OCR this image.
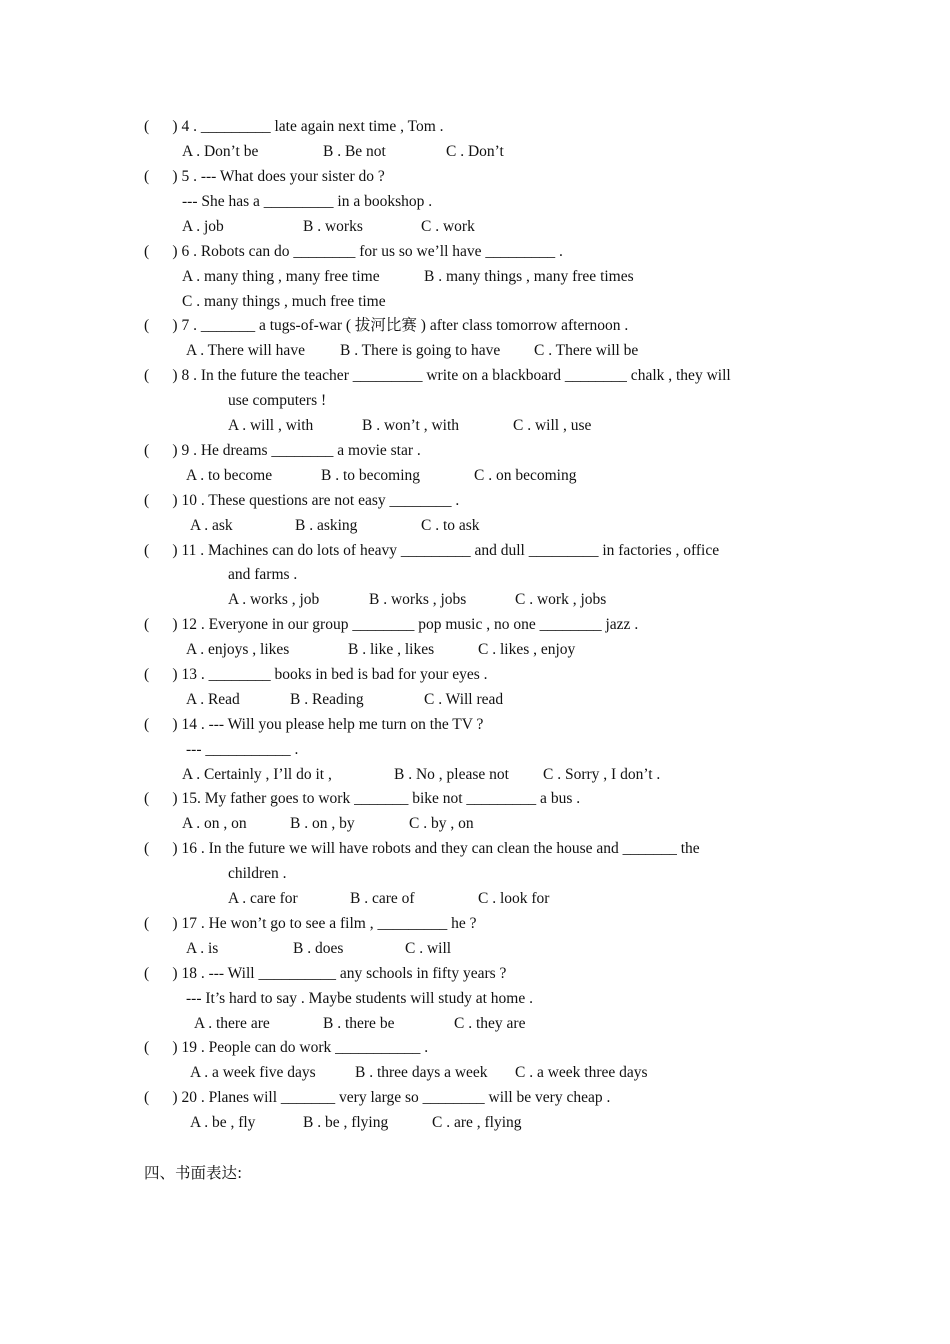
(      ) 4 . _________ late again next time , Tom .
A . Don’t be	B . Be not	C . Don’t
(      ) 5 . --- What does your sister do ?
--- She has a _________ in a bookshop .
A . job	B . works	C . work
(      ) 6 . Robots can do ________ for us so we’ll have _________ .
A . many thing , many free time	B . many things , many free times
C . many things , much free time
(      ) 7 . _______ a tugs-of-war ( 拔河比赛 ) after class tomorrow afternoon .
A . There will have B . There is going to have C . There will be
(      ) 8 . In the future the teacher _________ write on a blackboard ________ chalk , they will
use computers !
A . will , with	B . won’t , with	C . will , use
(      ) 9 . He dreams ________ a movie star .
A . to become	B . to becoming	C . on becoming
(      ) 10 . These questions are not easy ________ .
A . ask	B . asking	C . to ask
(      ) 11 . Machines can do lots of heavy _________ and dull _________ in factories , office
and farms .
A . works , job	B . works , jobs	C . work , jobs
(      ) 12 . Everyone in our group ________ pop music , no one ________ jazz .
A . enjoys , likes	B . like , likes	C . likes , enjoy
(      ) 13 . ________ books in bed is bad for your eyes .
A . Read	B . Reading	C . Will read
(      ) 14 . --- Will you please help me turn on the TV ?
--- ___________ .
A . Certainly , I’ll do it ,	B . No , please not C . Sorry , I don’t .
(      ) 15. My father goes to work _______ bike not _________ a bus .
A . on , on	B . on , by	C . by , on
(      ) 16 . In the future we will have robots and they can clean the house and _______ the
children .
A . care for	B . care of	C . look for
(      ) 17 . He won’t go to see a film , _________ he ?
A . is	B . does	C . will
(      ) 18 . --- Will __________ any schools in fifty years ?
--- It’s hard to say . Maybe students will study at home .
A . there are	B . there be	C . they are
(      ) 19 . People can do work ___________ .
A . a week five days	B . three days a week C . a week three days
(      ) 20 . Planes will _______ very large so ________ will be very cheap .
A . be , fly	B . be , flying	C . are , flying
四、书面表达:
